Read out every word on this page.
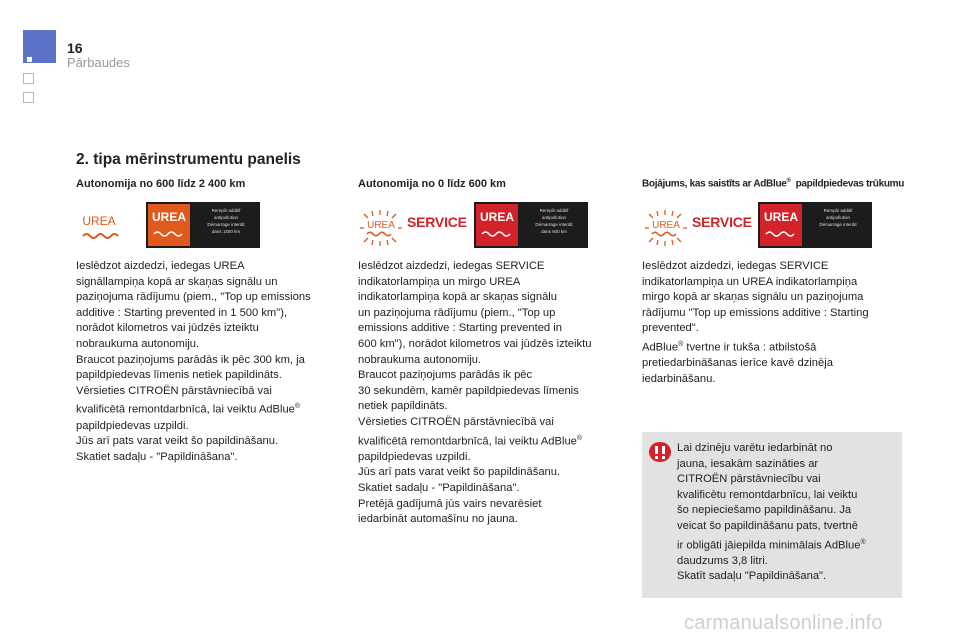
16
Pārbaudes
2. tipa mērinstrumentu panelis
Autonomija no 600 līdz 2 400 km	Autonomija no 0 līdz 600 km	Bojājums, kas saistīts ar AdBlue®  papildpiedevas trūkumu
UREA	UREA	Remplir additif
antipollution
Démarrage interdit
dans 1500 km
UREA SERVICE	UREA	Remplir additif
antipollution
Démarrage interdit
dans 600 km
UREA SERVICE	UREA	Remplir additif
antipollution
Démarrage interdit

Ieslēdzot aizdedzi, iedegas UREA
signāllampiņa kopā ar skaņas signālu un
paziņojuma rādījumu (piem., "Top up emissions
additive : Starting prevented in 1 500 km"),
norādot kilometros vai jūdzēs izteiktu
nobraukuma autonomiju.
Braucot paziņojums parādās ik pēc 300 km, ja
papildpiedevas līmenis netiek papildināts.
Vērsieties CITROËN pārstāvniecībā vai
kvalificētā remontdarbnīcā, lai veiktu AdBlue®
papildpiedevas uzpildi.
Jūs arī pats varat veikt šo papildināšanu.
Skatiet sadaļu - "Papildināšana".

Ieslēdzot aizdedzi, iedegas SERVICE
indikatorlampiņa un mirgo UREA
indikatorlampiņa kopā ar skaņas signālu
un paziņojuma rādījumu (piem., "Top up
emissions additive : Starting prevented in
600 km"), norādot kilometros vai jūdzēs izteiktu
nobraukuma autonomiju.
Braucot paziņojums parādās ik pēc
30 sekundēm, kamēr papildpiedevas līmenis
netiek papildināts.
Vērsieties CITROËN pārstāvniecībā vai
kvalificētā remontdarbnīcā, lai veiktu AdBlue®
papildpiedevas uzpildi.
Jūs arī pats varat veikt šo papildināšanu.
Skatiet sadaļu - "Papildināšana".
Pretējā gadījumā jūs vairs nevarēsiet
iedarbināt automašīnu no jauna.

Ieslēdzot aizdedzi, iedegas SERVICE
indikatorlampiņa un UREA indikatorlampiņa
mirgo kopā ar skaņas signālu un paziņojuma
rādījumu "Top up emissions additive : Starting
prevented".
AdBlue® tvertne ir tukša : atbilstošā
pretiedarbināšanas ierīce kavē dzinēja
iedarbināšanu.

Lai dzinēju varētu iedarbināt no
jauna, iesakām sazināties ar
CITROËN pārstāvniecību vai
kvalificētu remontdarbnīcu, lai veiktu
šo nepieciešamo papildināšanu. Ja
veicat šo papildināšanu pats, tvertnē
ir obligāti jāiepilda minimālais AdBlue®
daudzums 3,8 litri.
Skatīt sadaļu "Papildināšana".

carmanualsonline.info
